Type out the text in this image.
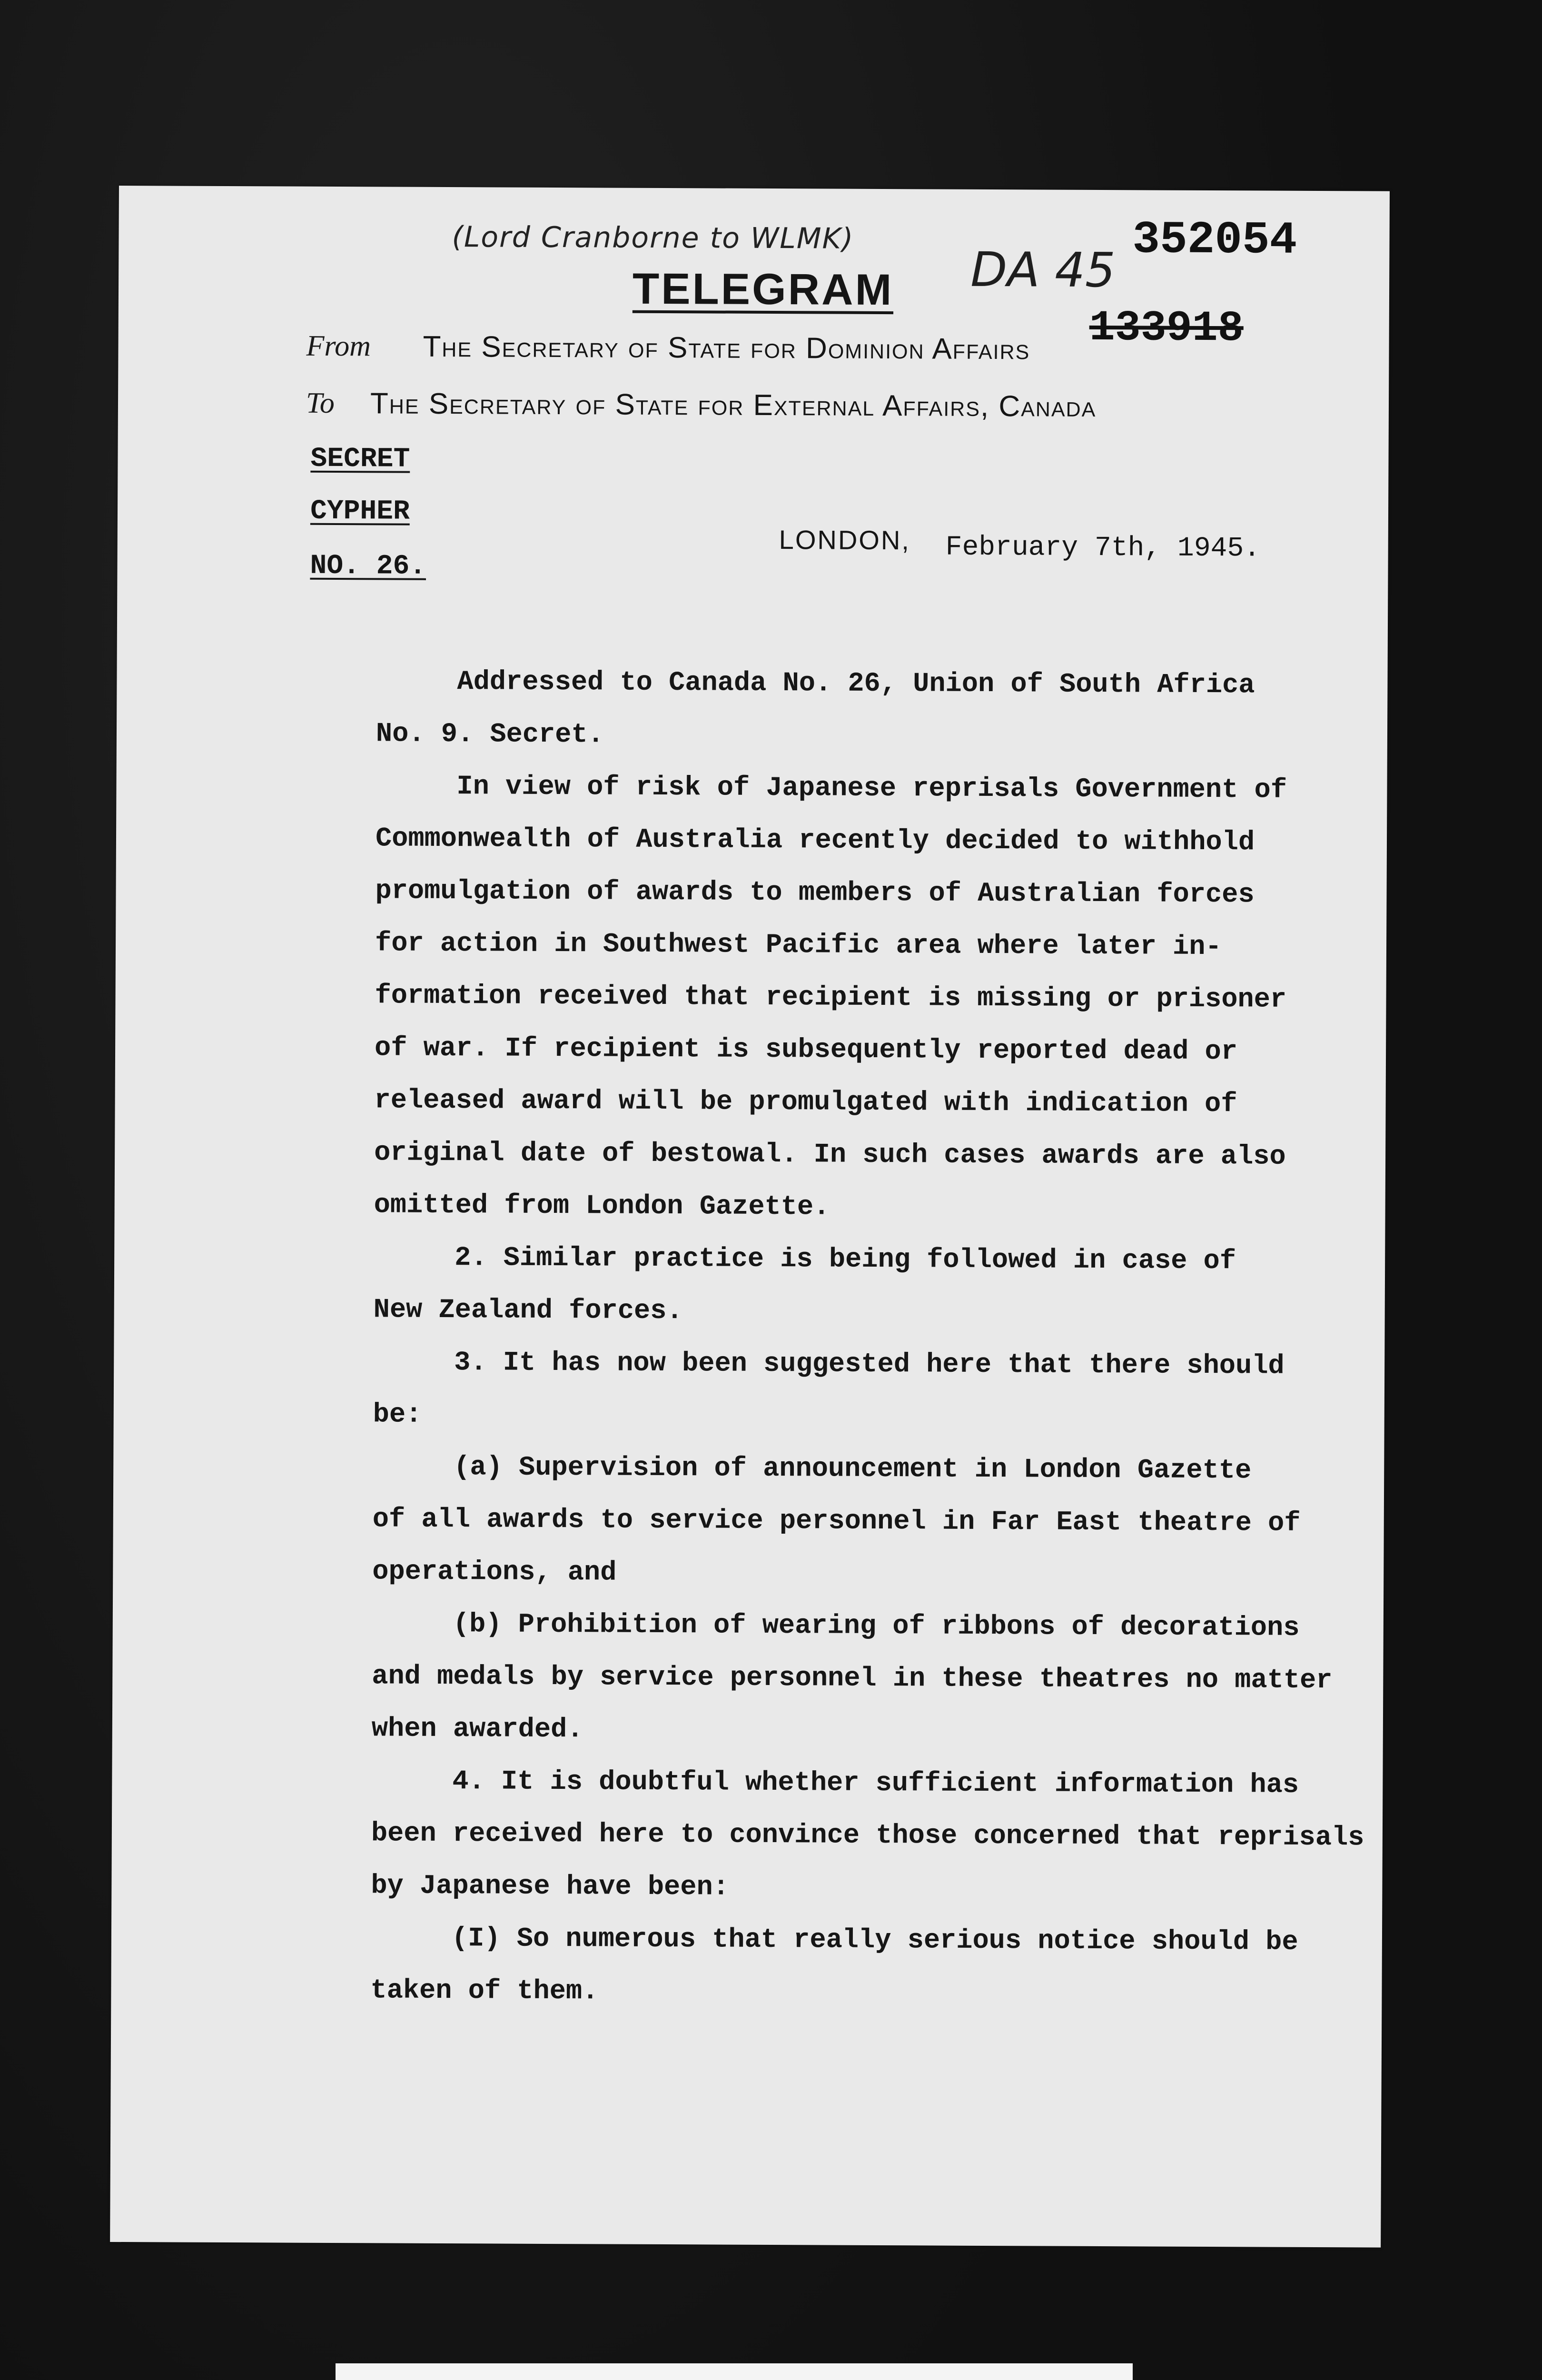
(Lord Cranborne to WLMK)
DA 45
352054
133918
TELEGRAM
From The Secretary of State for Dominion Affairs
To The Secretary of State for External Affairs, Canada
SECRET
CYPHER
NO. 26.
LONDON, February 7th, 1945.

Addressed to Canada No. 26, Union of South Africa

No. 9. Secret.

In view of risk of Japanese reprisals Government of

Commonwealth of Australia recently decided to withhold

promulgation of awards to members of Australian forces

for action in Southwest Pacific area where later in-

formation received that recipient is missing or prisoner

of war. If recipient is subsequently reported dead or

released award will be promulgated with indication of

original date of bestowal. In such cases awards are also

omitted from London Gazette.

2. Similar practice is being followed in case of

New Zealand forces.

3. It has now been suggested here that there should

be:

(a) Supervision of announcement in London Gazette

of all awards to service personnel in Far East theatre of

operations, and

(b) Prohibition of wearing of ribbons of decorations

and medals by service personnel in these theatres no matter

when awarded.

4. It is doubtful whether sufficient information has

been received here to convince those concerned that reprisals

by Japanese have been:

(I) So numerous that really serious notice should be

taken of them.
